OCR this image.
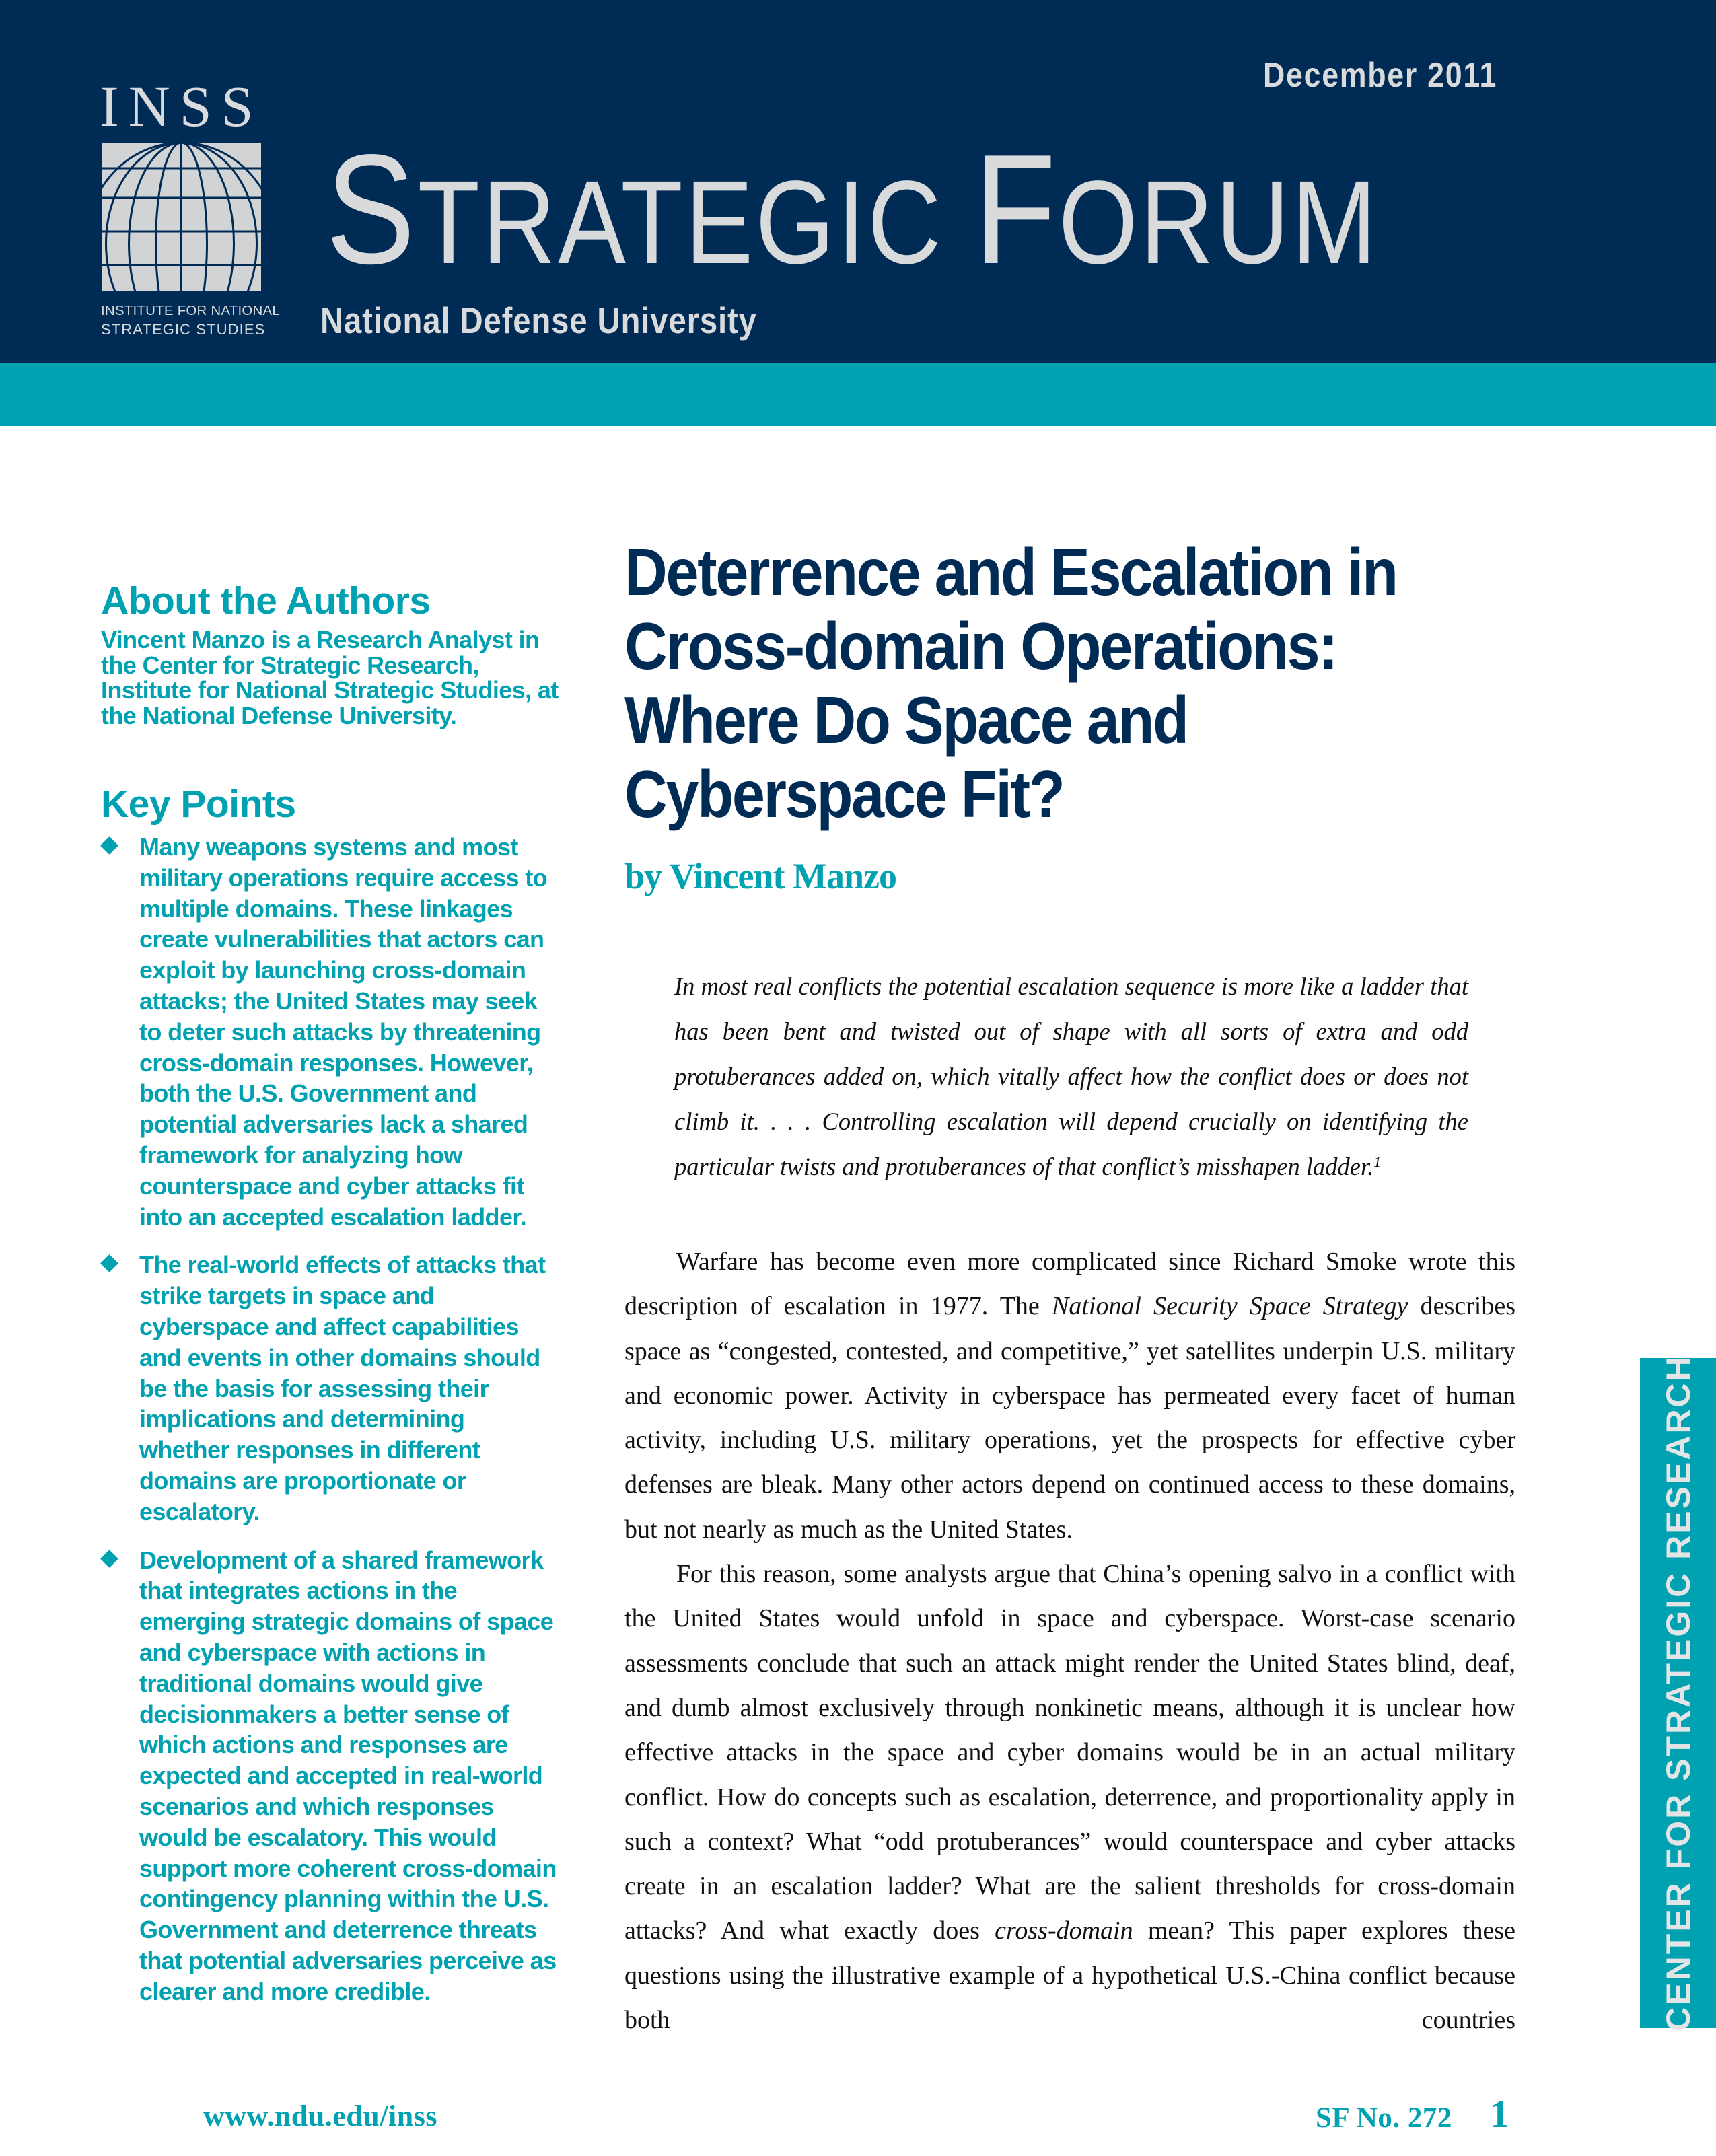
INSS
INSTITUTE FOR NATIONAL
STRATEGIC STUDIES
STRATEGIC FORUM
National Defense University
December 2011
About the Authors

Vincent Manzo is a Research Analyst in the Center for Strategic Research, Institute for National Strategic Studies, at the National Defense University.

Key Points
Many weapons systems and most military operations require access to multiple domains. These linkages create vulnerabilities that actors can exploit by launching cross-domain attacks; the United States may seek to deter such attacks by threatening cross-domain responses. However, both the U.S. Government and potential adversaries lack a shared framework for analyzing how counterspace and cyber attacks fit into an accepted escalation ladder.
The real-world effects of attacks that strike targets in space and cyberspace and affect capabilities and events in other domains should be the basis for assessing their implications and determining whether responses in different domains are proportionate or escalatory.
Development of a shared framework that integrates actions in the emerging strategic domains of space and cyberspace with actions in traditional domains would give decisionmakers a better sense of which actions and responses are expected and accepted in real-world scenarios and which responses would be escalatory. This would support more coherent cross-domain contingency planning within the U.S. Government and deterrence threats that potential adversaries perceive as clearer and more credible.
Deterrence and Escalation in Cross-domain Operations: Where Do Space and Cyberspace Fit?
by Vincent Manzo

In most real conflicts the potential escalation sequence is more like a ladder that has been bent and twisted out of shape with all sorts of extra and odd protuberances added on, which vitally affect how the conflict does or does not climb it. . . . Controlling escalation will depend crucially on identifying the particular twists and protuberances of that conflict’s misshapen ladder.$^1$

Warfare has become even more complicated since Richard Smoke wrote this description of escalation in 1977. The National Security Space Strategy describes space as “congested, contested, and competitive,” yet satellites underpin U.S. military and economic power. Activity in cyberspace has permeated every facet of human activity, including U.S. military operations, yet the prospects for effective cyber defenses are bleak. Many other actors depend on continued access to these domains, but not nearly as much as the United States.

For this reason, some analysts argue that China’s opening salvo in a conflict with the United States would unfold in space and cyberspace. Worst-case scenario assessments conclude that such an attack might render the United States blind, deaf, and dumb almost exclusively through nonkinetic means, although it is unclear how effective attacks in the space and cyber domains would be in an actual military conflict. How do concepts such as escalation, deterrence, and proportionality apply in such a context? What “odd protuberances” would counterspace and cyber attacks create in an escalation ladder? What are the salient thresholds for cross-domain attacks? And what exactly does cross-domain mean? This paper explores these questions using the illustrative example of a hypothetical U.S.-China conflict because both countries	CENTER FOR STRATEGIC RESEARCH
www.ndu.edu/inss	SF No. 272 1
